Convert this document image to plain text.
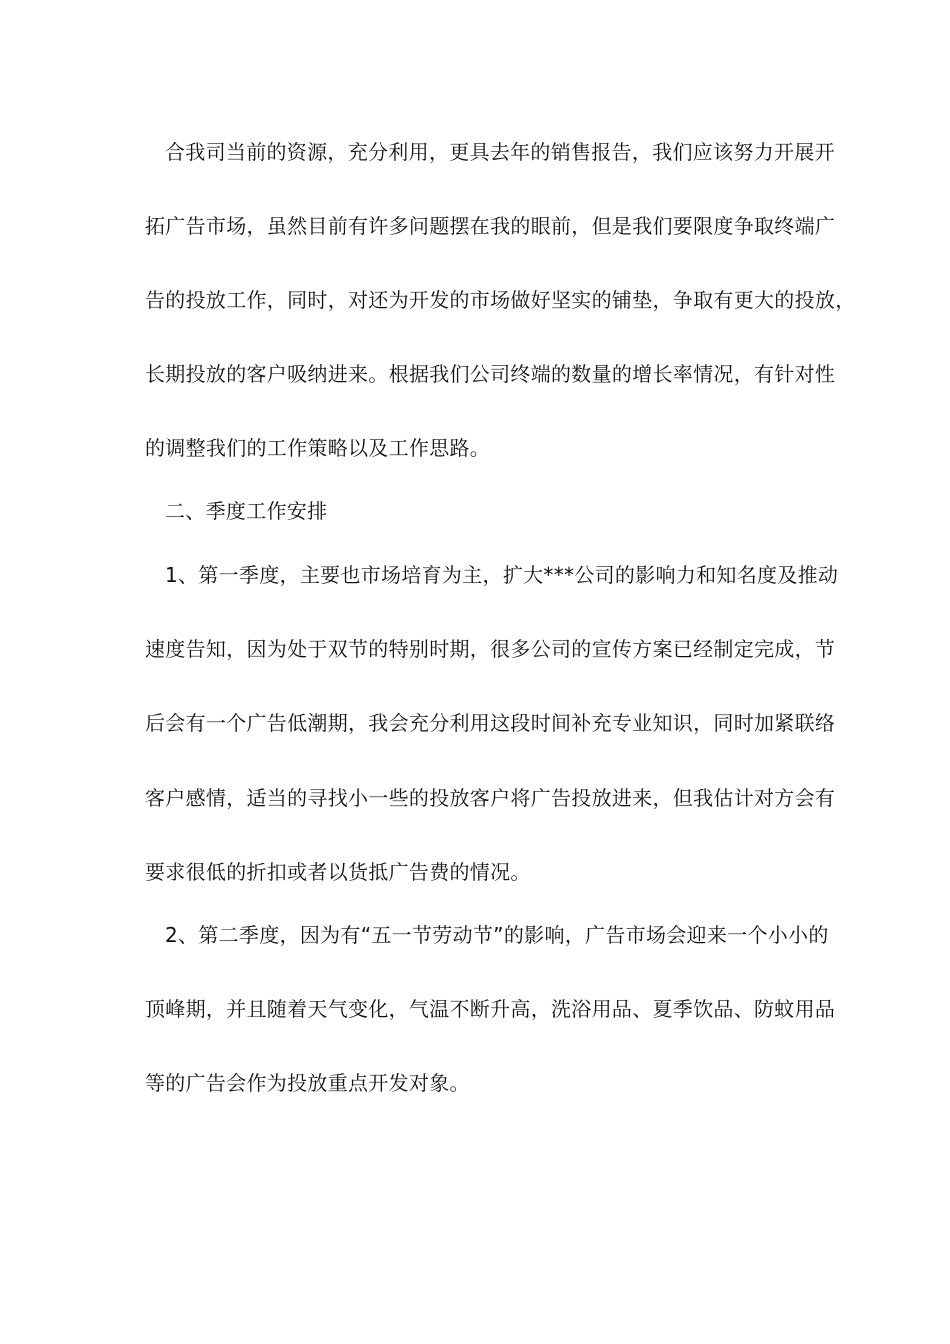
合我司当前的资源，充分利用，更具去年的销售报告，我们应该努力开展开

拓广告市场，虽然目前有许多问题摆在我的眼前，但是我们要限度争取终端广

告的投放工作，同时，对还为开发的市场做好坚实的铺垫，争取有更大的投放，

长期投放的客户吸纳进来。根据我们公司终端的数量的增长率情况，有针对性

的调整我们的工作策略以及工作思路。

二、季度工作安排

1、第一季度，主要也市场培育为主，扩大***公司的影响力和知名度及推动

速度告知，因为处于双节的特别时期，很多公司的宣传方案已经制定完成，节

后会有一个广告低潮期，我会充分利用这段时间补充专业知识，同时加紧联络

客户感情，适当的寻找小一些的投放客户将广告投放进来，但我估计对方会有

要求很低的折扣或者以货抵广告费的情况。

2、第二季度，因为有“五一节劳动节”的影响，广告市场会迎来一个小小的

顶峰期，并且随着天气变化，气温不断升高，洗浴用品、夏季饮品、防蚊用品

等的广告会作为投放重点开发对象。
